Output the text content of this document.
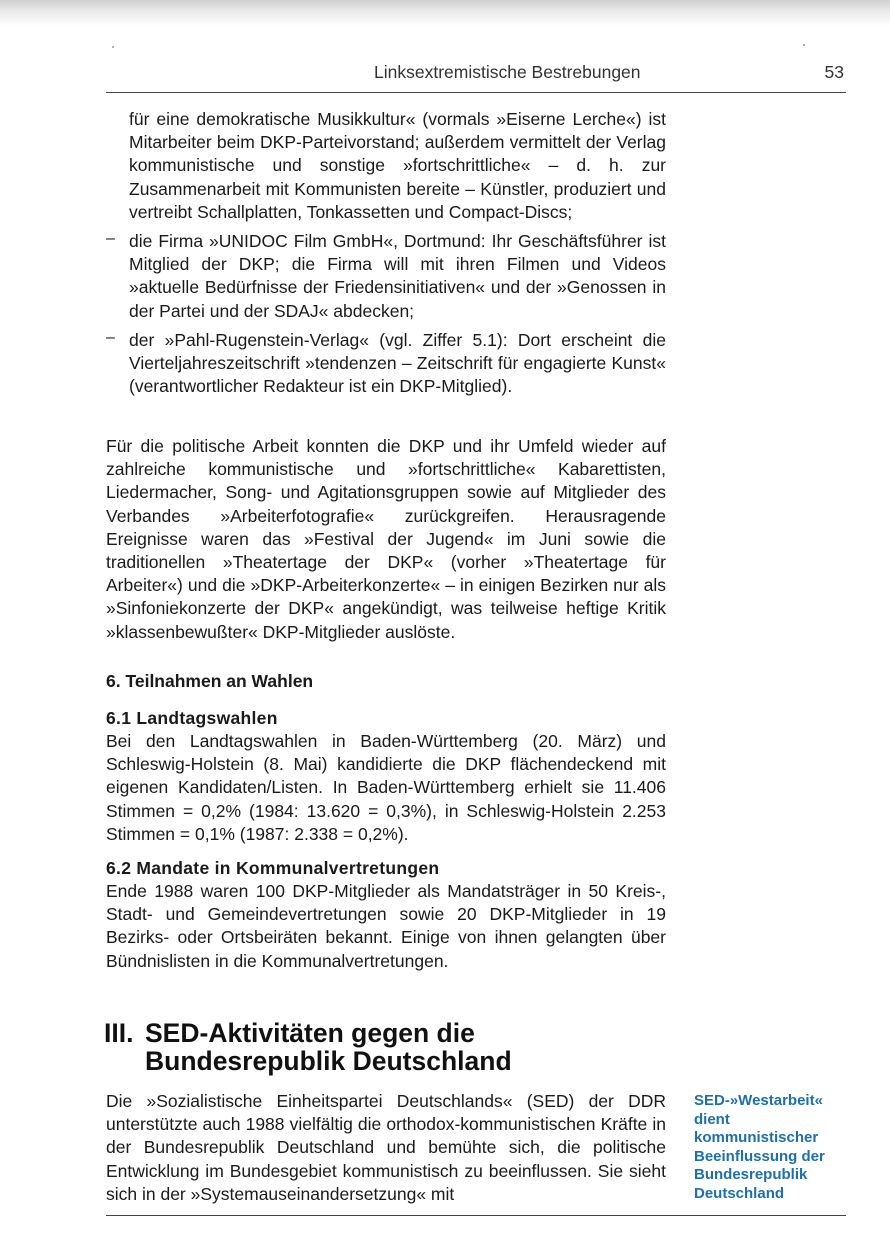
Linksextremistische Bestrebungen	53

für eine demokratische Musikkultur« (vormals »Eiserne Lerche«) ist Mitarbeiter beim DKP-Parteivorstand; außerdem vermittelt der Verlag kommunistische und sonstige »fortschrittliche« – d. h. zur Zusammenarbeit mit Kommunisten bereite – Künstler, produziert und vertreibt Schallplatten, Tonkassetten und Compact-Discs;

– die Firma »UNIDOC Film GmbH«, Dortmund: Ihr Geschäftsführer ist Mitglied der DKP; die Firma will mit ihren Filmen und Videos »aktuelle Bedürfnisse der Friedensinitiativen« und der »Genossen in der Partei und der SDAJ« abdecken;

– der »Pahl-Rugenstein-Verlag« (vgl. Ziffer 5.1): Dort erscheint die Vierteljahreszeitschrift »tendenzen – Zeitschrift für engagierte Kunst« (verantwortlicher Redakteur ist ein DKP-Mitglied).

Für die politische Arbeit konnten die DKP und ihr Umfeld wieder auf zahlreiche kommunistische und »fortschrittliche« Kabarettisten, Liedermacher, Song- und Agitationsgruppen sowie auf Mitglieder des Verbandes »Arbeiterfotografie« zurückgreifen. Herausragende Ereignisse waren das »Festival der Jugend« im Juni sowie die traditionellen »Theatertage der DKP« (vorher »Theatertage für Arbeiter«) und die »DKP-Arbeiterkonzerte« – in einigen Bezirken nur als »Sinfoniekonzerte der DKP« angekündigt, was teilweise heftige Kritik »klassenbewußter« DKP-Mitglieder auslöste.

6. Teilnahmen an Wahlen
6.1 Landtagswahlen

Bei den Landtagswahlen in Baden-Württemberg (20. März) und Schleswig-Holstein (8. Mai) kandidierte die DKP flächendeckend mit eigenen Kandidaten/Listen. In Baden-Württemberg erhielt sie 11.406 Stimmen = 0,2% (1984: 13.620 = 0,3%), in Schleswig-Holstein 2.253 Stimmen = 0,1% (1987: 2.338 = 0,2%).

6.2 Mandate in Kommunalvertretungen

Ende 1988 waren 100 DKP-Mitglieder als Mandatsträger in 50 Kreis-, Stadt- und Gemeindevertretungen sowie 20 DKP-Mitglieder in 19 Bezirks- oder Ortsbeiräten bekannt. Einige von ihnen gelangten über Bündnislisten in die Kommunalvertretungen.

III. SED-Aktivitäten gegen die
Bundesrepublik Deutschland

Die »Sozialistische Einheitspartei Deutschlands« (SED) der DDR unterstützte auch 1988 vielfältig die orthodox-kommunistischen Kräfte in der Bundesrepublik Deutschland und bemühte sich, die politische Entwicklung im Bundesgebiet kommunistisch zu beeinflussen. Sie sieht sich in der »Systemauseinandersetzung« mit

SED-»Westarbeit« dient kommunistischer Beeinflussung der Bundesrepublik Deutschland
